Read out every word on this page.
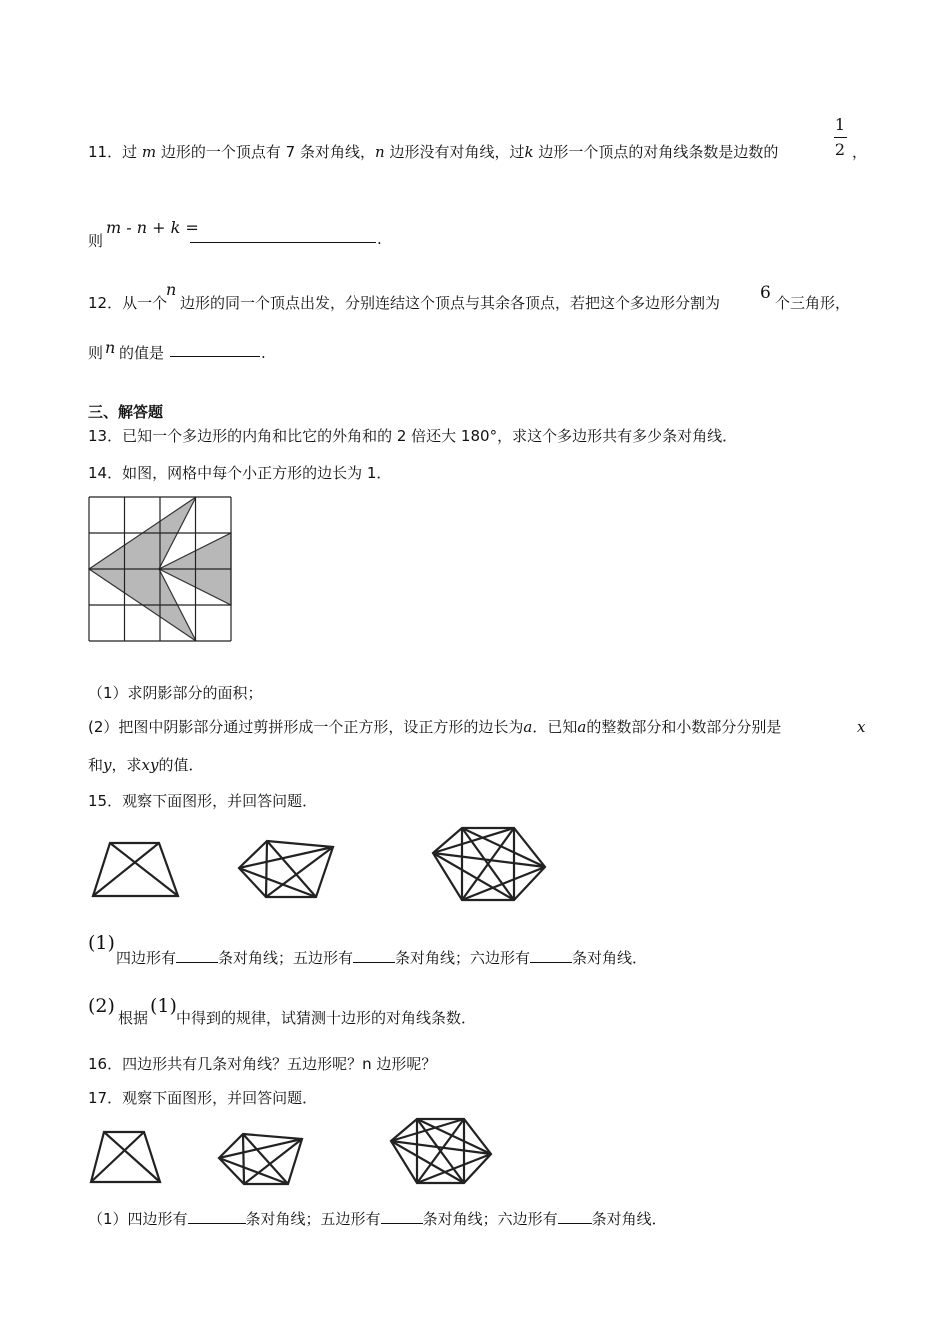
1
2
11．过 m 边形的一个顶点有 7 条对角线，n 边形没有对角线，过k 边形一个顶点的对角线条数是边数的	，
则
m - n + k =
.
n	6
12．从一个 边形的同一个顶点出发，分别连结这个顶点与其余各顶点，若把这个多边形分割为	个三角形，
则 n 的值是	.
三、解答题
13．已知一个多边形的内角和比它的外角和的 2 倍还大 180°，求这个多边形共有多少条对角线．
14．如图，网格中每个小正方形的边长为 1．
（1）求阴影部分的面积；
(2）把图中阴影部分通过剪拼形成一个正方形，设正方形的边长为a．已知a的整数部分和小数部分分别是	x
和y，求xy的值．
15．观察下面图形，并回答问题．
(1)
四边形有	条对角线；五边形有	条对角线；六边形有	条对角线．
(2)
根据
(1)
中得到的规律，试猜测十边形的对角线条数．
16．四边形共有几条对角线？五边形呢？n 边形呢？
17．观察下面图形，并回答问题．
（1）四边形有	条对角线；五边形有	条对角线；六边形有 条对角线．
